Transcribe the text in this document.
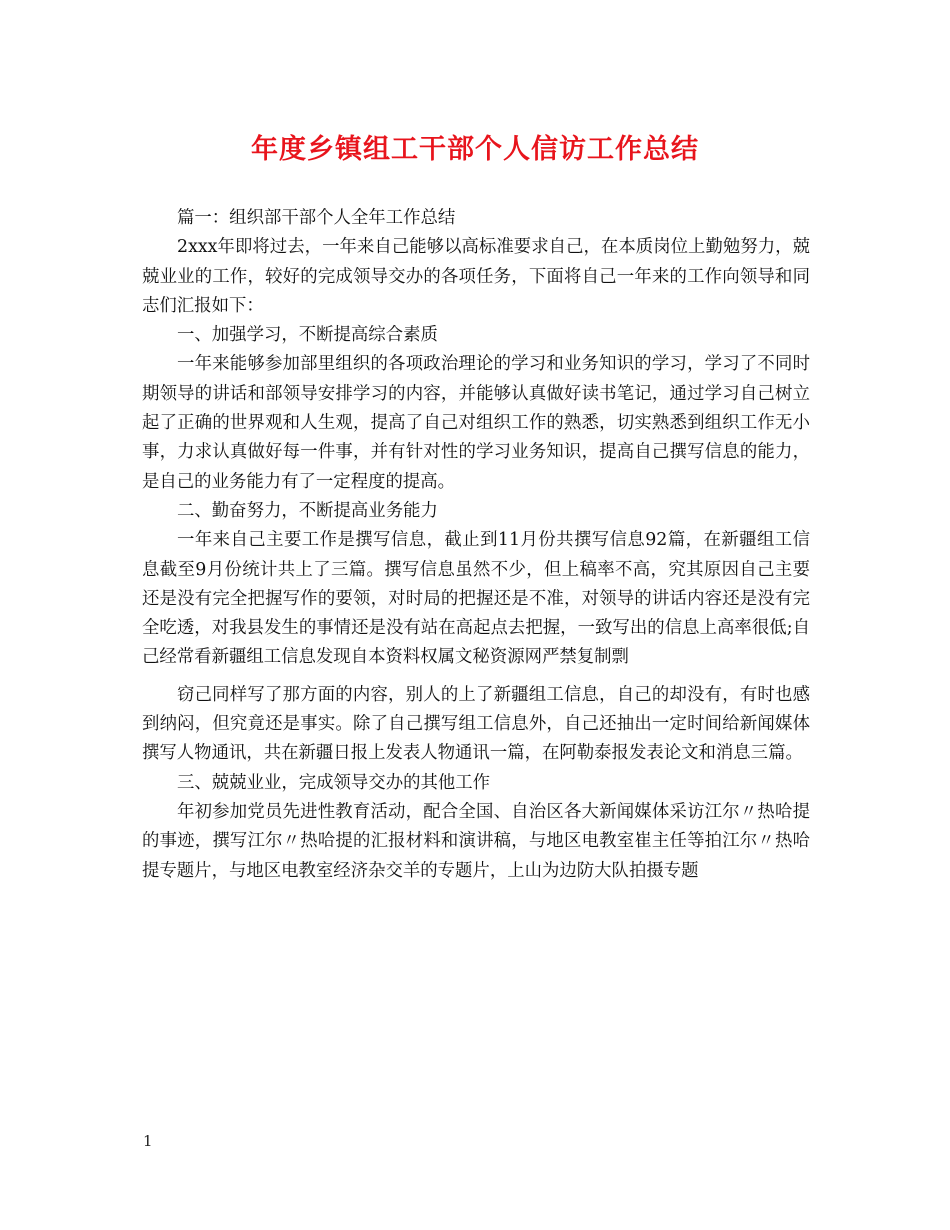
年度乡镇组工干部个人信访工作总结

篇一：组织部干部个人全年工作总结

2xxx年即将过去，一年来自己能够以高标准要求自己，在本质岗位上勤勉努力，兢兢业业的工作，较好的完成领导交办的各项任务，下面将自己一年来的工作向领导和同志们汇报如下：

一、加强学习，不断提高综合素质

一年来能够参加部里组织的各项政治理论的学习和业务知识的学习，学习了不同时期领导的讲话和部领导安排学习的内容，并能够认真做好读书笔记，通过学习自己树立起了正确的世界观和人生观，提高了自己对组织工作的熟悉，切实熟悉到组织工作无小事，力求认真做好每一件事，并有针对性的学习业务知识，提高自己撰写信息的能力，是自己的业务能力有了一定程度的提高。

二、勤奋努力，不断提高业务能力

一年来自己主要工作是撰写信息，截止到11月份共撰写信息92篇，在新疆组工信息截至9月份统计共上了三篇。撰写信息虽然不少，但上稿率不高，究其原因自己主要还是没有完全把握写作的要领，对时局的把握还是不准，对领导的讲话内容还是没有完全吃透，对我县发生的事情还是没有站在高起点去把握，一致写出的信息上高率很低;自己经常看新疆组工信息发现自本资料权属文秘资源网严禁复制剽

窃己同样写了那方面的内容，别人的上了新疆组工信息，自己的却没有，有时也感到纳闷，但究竟还是事实。除了自己撰写组工信息外，自己还抽出一定时间给新闻媒体撰写人物通讯，共在新疆日报上发表人物通讯一篇，在阿勒泰报发表论文和消息三篇。

三、兢兢业业，完成领导交办的其他工作

年初参加党员先进性教育活动，配合全国、自治区各大新闻媒体采访江尔〃热哈提的事迹，撰写江尔〃热哈提的汇报材料和演讲稿，与地区电教室崔主任等拍江尔〃热哈提专题片，与地区电教室经济杂交羊的专题片，上山为边防大队拍摄专题

1
